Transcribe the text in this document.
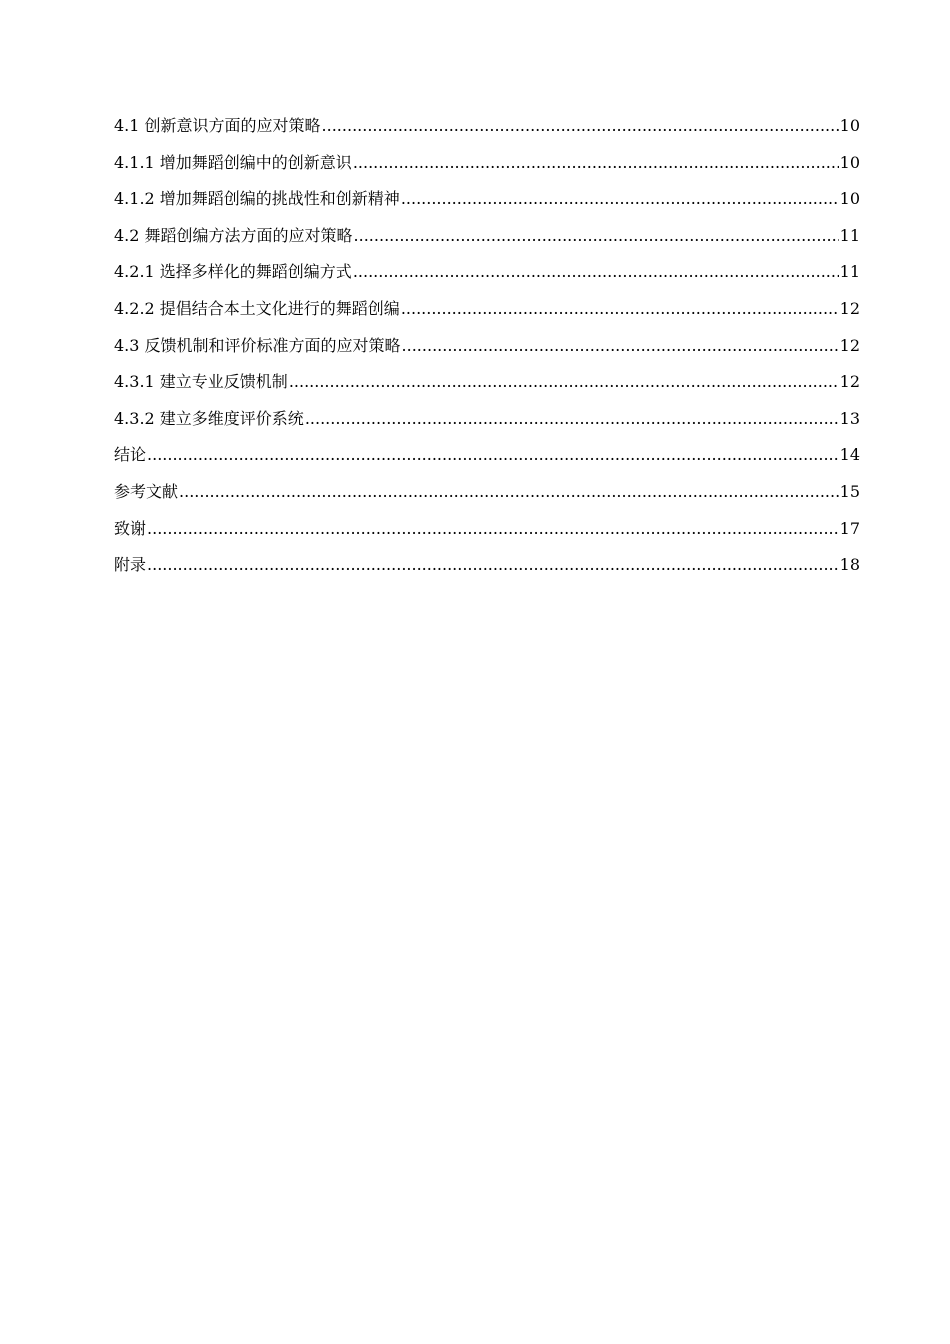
4.1 创新意识方面的应对策略 .....	10
4.1.1 增加舞蹈创编中的创新意识 .....	10
4.1.2 增加舞蹈创编的挑战性和创新精神 .....	10
4.2 舞蹈创编方法方面的应对策略 .....	11
4.2.1 选择多样化的舞蹈创编方式 .....	11
4.2.2 提倡结合本土文化进行的舞蹈创编 .....	12
4.3 反馈机制和评价标准方面的应对策略 .....	12
4.3.1 建立专业反馈机制 .....	12
4.3.2 建立多维度评价系统 .....	13
结论 .....	14
参考文献 .....	15
致谢 .....	17
附录 .....	18
